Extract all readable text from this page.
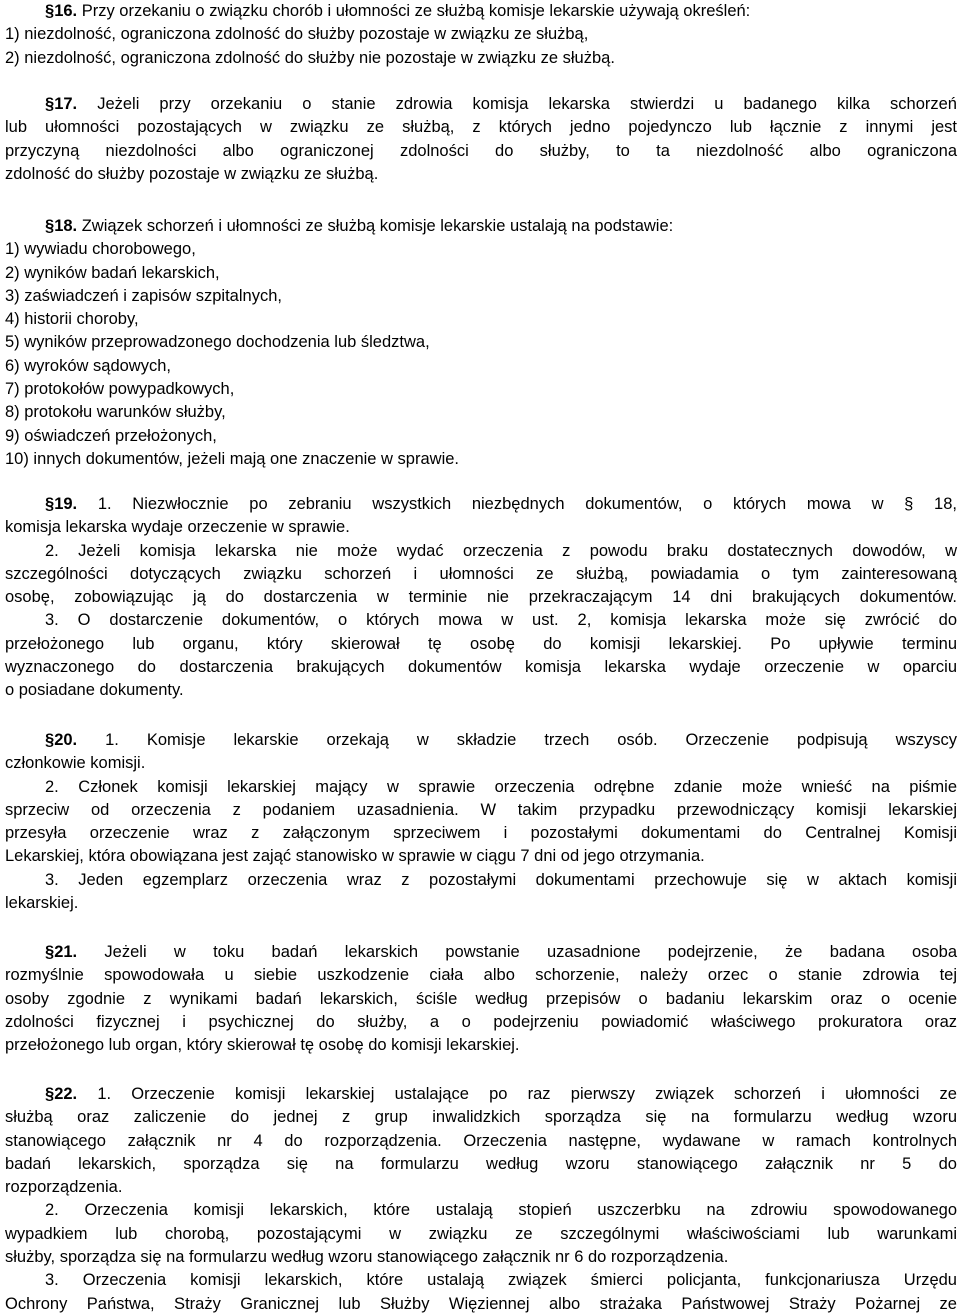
§16. Przy orzekaniu o związku chorób i ułomności ze służbą komisje lekarskie używają określeń:
1) niezdolność, ograniczona zdolność do służby pozostaje w związku ze służbą,
2) niezdolność, ograniczona zdolność do służby nie pozostaje w związku ze służbą.
§17. Jeżeli przy orzekaniu o stanie zdrowia komisja lekarska stwierdzi u badanego kilka schorzeń
lub ułomności pozostających w związku ze służbą, z których jedno pojedynczo lub łącznie z innymi jest
przyczyną niezdolności albo ograniczonej zdolności do służby, to ta niezdolność albo ograniczona
zdolność do służby pozostaje w związku ze służbą.
§18. Związek schorzeń i ułomności ze służbą komisje lekarskie ustalają na podstawie:
1) wywiadu chorobowego,
2) wyników badań lekarskich,
3) zaświadczeń i zapisów szpitalnych,
4) historii choroby,
5) wyników przeprowadzonego dochodzenia lub śledztwa,
6) wyroków sądowych,
7) protokołów powypadkowych,
8) protokołu warunków służby,
9) oświadczeń przełożonych,
10) innych dokumentów, jeżeli mają one znaczenie w sprawie.
§19. 1. Niezwłocznie po zebraniu wszystkich niezbędnych dokumentów, o których mowa w § 18,
komisja lekarska wydaje orzeczenie w sprawie.
2. Jeżeli komisja lekarska nie może wydać orzeczenia z powodu braku dostatecznych dowodów, w
szczególności dotyczących związku schorzeń i ułomności ze służbą, powiadamia o tym zainteresowaną
osobę, zobowiązując ją do dostarczenia w terminie nie przekraczającym 14 dni brakujących dokumentów.
3. O dostarczenie dokumentów, o których mowa w ust. 2, komisja lekarska może się zwrócić do
przełożonego lub organu, który skierował tę osobę do komisji lekarskiej. Po upływie terminu
wyznaczonego do dostarczenia brakujących dokumentów komisja lekarska wydaje orzeczenie w oparciu
o posiadane dokumenty.
§20. 1. Komisje lekarskie orzekają w składzie trzech osób. Orzeczenie podpisują wszyscy
członkowie komisji.
2. Członek komisji lekarskiej mający w sprawie orzeczenia odrębne zdanie może wnieść na piśmie
sprzeciw od orzeczenia z podaniem uzasadnienia. W takim przypadku przewodniczący komisji lekarskiej
przesyła orzeczenie wraz z załączonym sprzeciwem i pozostałymi dokumentami do Centralnej Komisji
Lekarskiej, która obowiązana jest zająć stanowisko w sprawie w ciągu 7 dni od jego otrzymania.
3. Jeden egzemplarz orzeczenia wraz z pozostałymi dokumentami przechowuje się w aktach komisji
lekarskiej.
§21. Jeżeli w toku badań lekarskich powstanie uzasadnione podejrzenie, że badana osoba
rozmyślnie spowodowała u siebie uszkodzenie ciała albo schorzenie, należy orzec o stanie zdrowia tej
osoby zgodnie z wynikami badań lekarskich, ściśle według przepisów o badaniu lekarskim oraz o ocenie
zdolności fizycznej i psychicznej do służby, a o podejrzeniu powiadomić właściwego prokuratora oraz
przełożonego lub organ, który skierował tę osobę do komisji lekarskiej.
§22. 1. Orzeczenie komisji lekarskiej ustalające po raz pierwszy związek schorzeń i ułomności ze
służbą oraz zaliczenie do jednej z grup inwalidzkich sporządza się na formularzu według wzoru
stanowiącego załącznik nr 4 do rozporządzenia. Orzeczenia następne, wydawane w ramach kontrolnych
badań lekarskich, sporządza się na formularzu według wzoru stanowiącego załącznik nr 5 do
rozporządzenia.
2. Orzeczenia komisji lekarskich, które ustalają stopień uszczerbku na zdrowiu spowodowanego
wypadkiem lub chorobą, pozostającymi w związku ze szczególnymi właściwościami lub warunkami
służby, sporządza się na formularzu według wzoru stanowiącego załącznik nr 6 do rozporządzenia.
3. Orzeczenia komisji lekarskich, które ustalają związek śmierci policjanta, funkcjonariusza Urzędu
Ochrony Państwa, Straży Granicznej lub Służby Więziennej albo strażaka Państwowej Straży Pożarnej ze
